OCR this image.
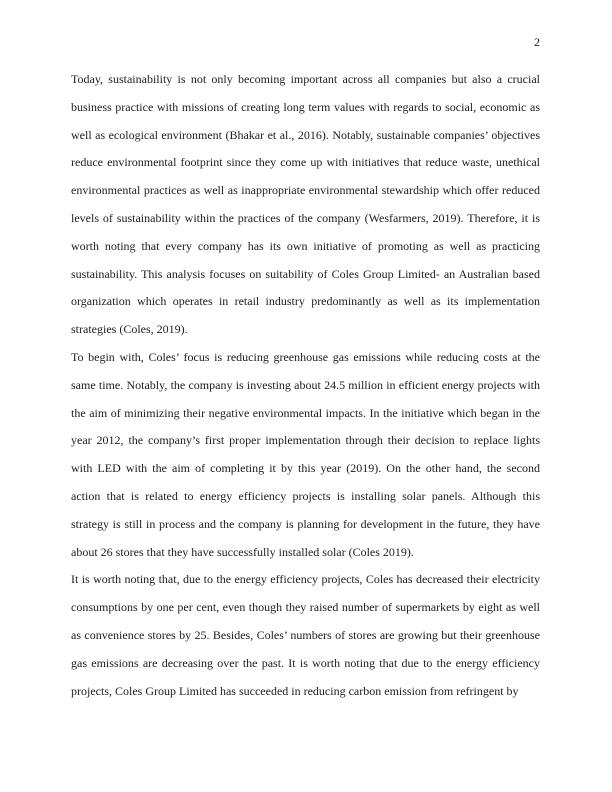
2

Today, sustainability is not only becoming important across all companies but also a crucial
business practice with missions of creating long term values with regards to social, economic as
well as ecological environment (Bhakar et al., 2016). Notably, sustainable companies’ objectives
reduce environmental footprint since they come up with initiatives that reduce waste, unethical
environmental practices as well as inappropriate environmental stewardship which offer reduced
levels of sustainability within the practices of the company (Wesfarmers, 2019). Therefore, it is
worth noting that every company has its own initiative of promoting as well as practicing
sustainability. This analysis focuses on suitability of Coles Group Limited- an Australian based
organization which operates in retail industry predominantly as well as its implementation
strategies (Coles, 2019).

To begin with, Coles’ focus is reducing greenhouse gas emissions while reducing costs at the
same time. Notably, the company is investing about 24.5 million in efficient energy projects with
the aim of minimizing their negative environmental impacts. In the initiative which began in the
year 2012, the company’s first proper implementation through their decision to replace lights
with LED with the aim of completing it by this year (2019). On the other hand, the second
action that is related to energy efficiency projects is installing solar panels. Although this
strategy is still in process and the company is planning for development in the future, they have
about 26 stores that they have successfully installed solar (Coles 2019).

It is worth noting that, due to the energy efficiency projects, Coles has decreased their electricity
consumptions by one per cent, even though they raised number of supermarkets by eight as well
as convenience stores by 25. Besides, Coles’ numbers of stores are growing but their greenhouse
gas emissions are decreasing over the past. It is worth noting that due to the energy efficiency
projects, Coles Group Limited has succeeded in reducing carbon emission from refringent by
